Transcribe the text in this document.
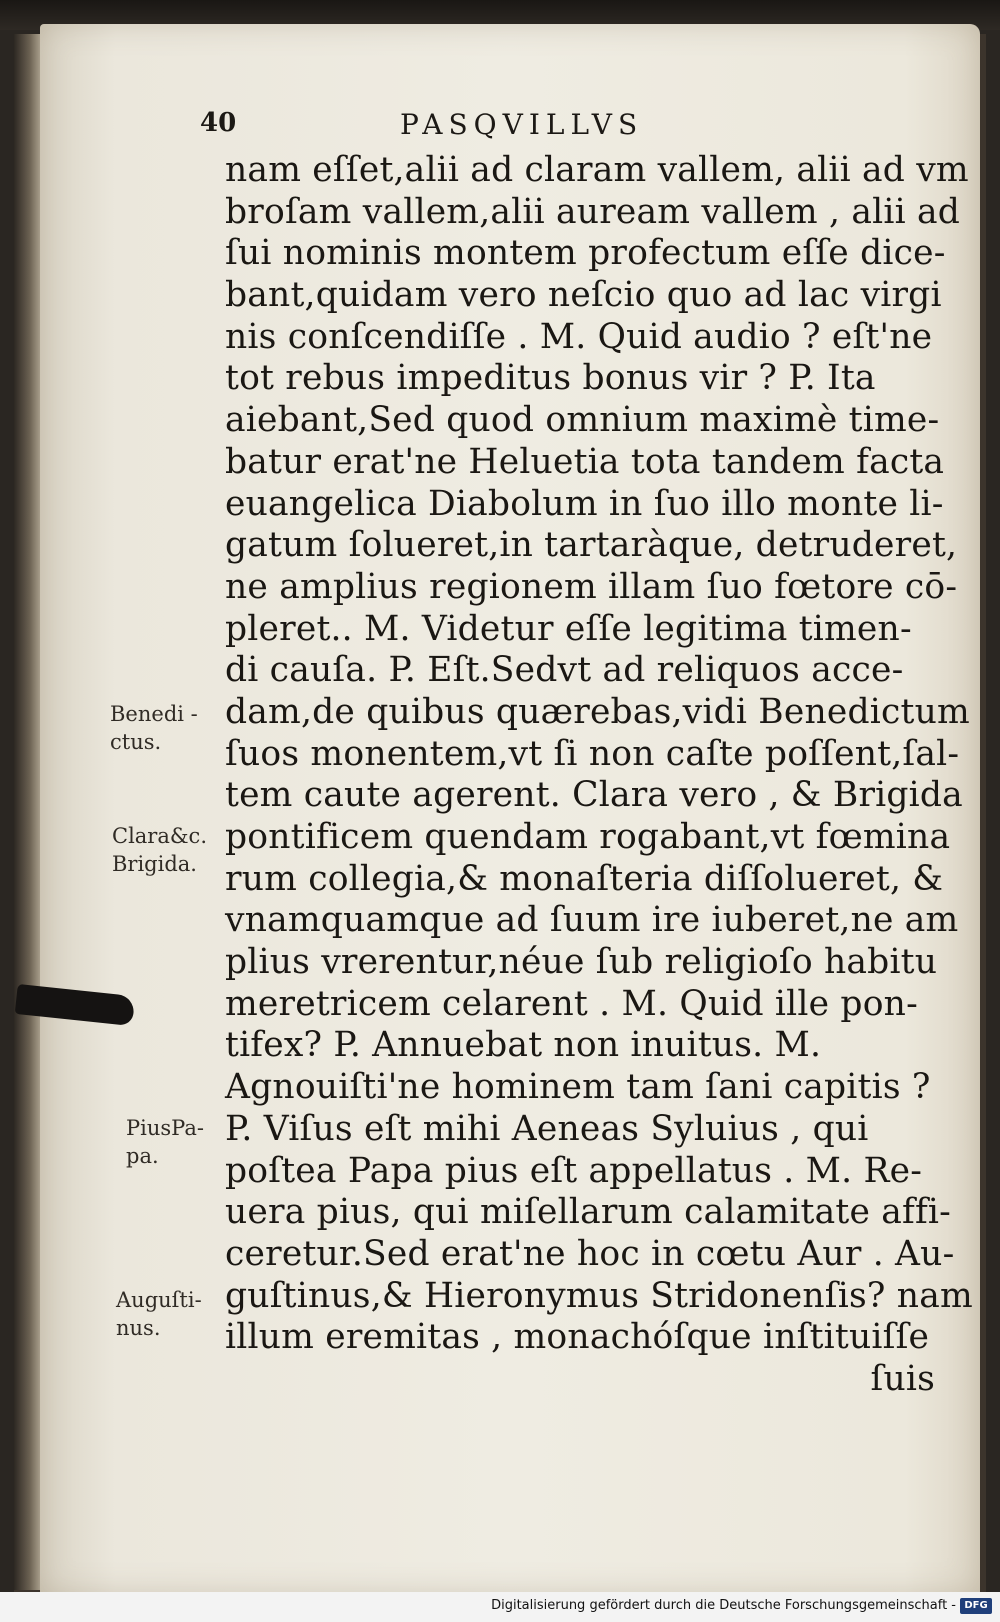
40	PASQVILLVS
nam eſſet,alii ad claram vallem, alii ad vm
broſam vallem,alii auream vallem , alii ad
ſui nominis montem profectum eſſe dice-
bant,quidam vero neſcio quo ad lac virgi
nis conſcendiſſe . M. Quid audio ? eſt'ne
tot rebus impeditus bonus vir ? P. Ita
aiebant,Sed quod omnium maximè time-
batur erat'ne Heluetia tota tandem facta
euangelica Diabolum in ſuo illo monte li-
gatum ſolueret,in tartaràque, detruderet,
ne amplius regionem illam ſuo fœtore cō-
pleret.. M. Videtur eſſe legitima timen-
di cauſa. P. Eſt.Sedvt ad reliquos acce-
dam,de quibus quærebas,vidi Benedictum
ſuos monentem,vt ſi non caſte poſſent,ſal-
tem caute agerent. Clara vero , & Brigida
pontificem quendam rogabant,vt fœmina
rum collegia,& monaſteria diſſolueret, &
vnamquamque ad ſuum ire iuberet,ne am
plius vrerentur,néue ſub religioſo habitu
meretricem celarent . M. Quid ille pon-
tifex? P. Annuebat non inuitus. M.
Agnouiſti'ne hominem tam ſani capitis ?
P. Viſus eſt mihi Aeneas Syluius , qui
poſtea Papa pius eſt appellatus . M. Re-
uera pius, qui miſellarum calamitate affi-
ceretur.Sed erat'ne hoc in cœtu Aur . Au-
guſtinus,& Hieronymus Stridonenſis? nam
illum eremitas , monachóſque inſtituiſſe
ſuis
Benedi -
ctus.
Clara&c.
Brigida.
PiusPa-
pa.
Auguſti-
nus.
Digitalisierung gefördert durch die Deutsche Forschungsgemeinschaft - DFG
